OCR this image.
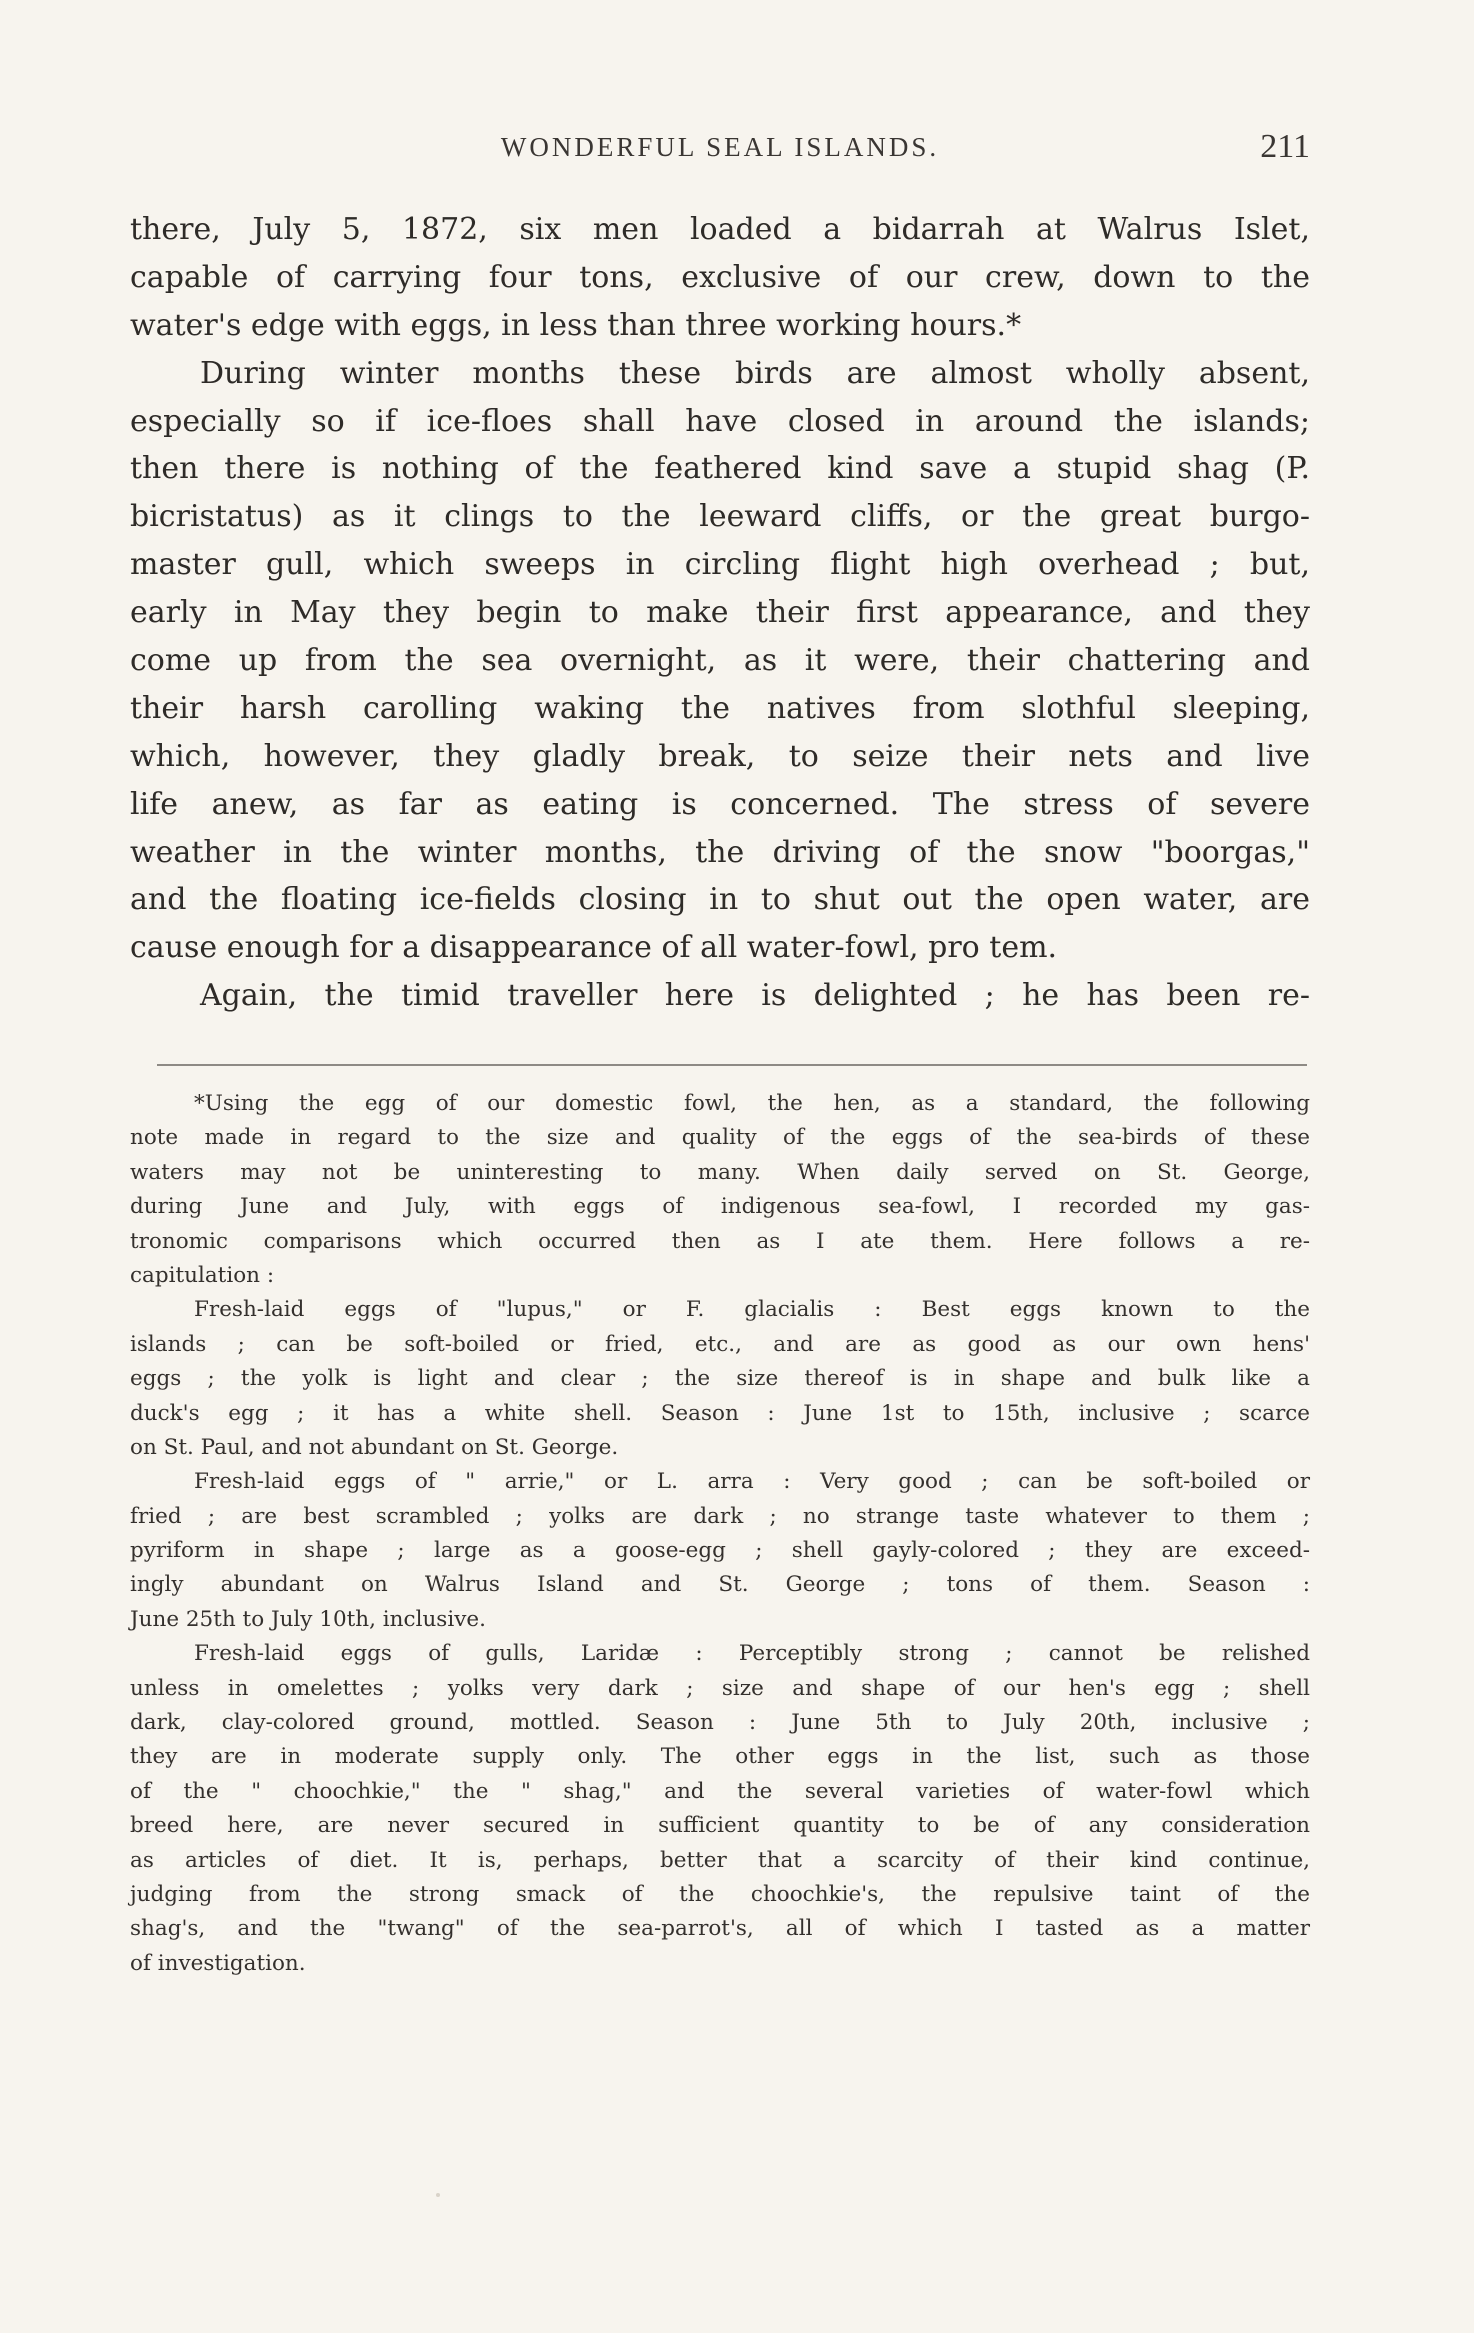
WONDERFUL SEAL ISLANDS.	211
there, July 5, 1872, six men loaded a bidarrah at Walrus Islet,
capable of carrying four tons, exclusive of our crew, down to the
water's edge with eggs, in less than three working hours.*
During winter months these birds are almost wholly absent,
especially so if ice-floes shall have closed in around the islands;
then there is nothing of the feathered kind save a stupid shag (P.
bicristatus) as it clings to the leeward cliffs, or the great burgo-
master gull, which sweeps in circling flight high overhead ; but,
early in May they begin to make their first appearance, and they
come up from the sea overnight, as it were, their chattering and
their harsh carolling waking the natives from slothful sleeping,
which, however, they gladly break, to seize their nets and live
life anew, as far as eating is concerned. The stress of severe
weather in the winter months, the driving of the snow "boorgas,"
and the floating ice-fields closing in to shut out the open water, are
cause enough for a disappearance of all water-fowl, pro tem.
Again, the timid traveller here is delighted ; he has been re-
*Using the egg of our domestic fowl, the hen, as a standard, the following
note made in regard to the size and quality of the eggs of the sea-birds of these
waters may not be uninteresting to many. When daily served on St. George,
during June and July, with eggs of indigenous sea-fowl, I recorded my gas-
tronomic comparisons which occurred then as I ate them. Here follows a re-
capitulation :
Fresh-laid eggs of "lupus," or F. glacialis : Best eggs known to the
islands ; can be soft-boiled or fried, etc., and are as good as our own hens'
eggs ; the yolk is light and clear ; the size thereof is in shape and bulk like a
duck's egg ; it has a white shell. Season : June 1st to 15th, inclusive ; scarce
on St. Paul, and not abundant on St. George.
Fresh-laid eggs of " arrie," or L. arra : Very good ; can be soft-boiled or
fried ; are best scrambled ; yolks are dark ; no strange taste whatever to them ;
pyriform in shape ; large as a goose-egg ; shell gayly-colored ; they are exceed-
ingly abundant on Walrus Island and St. George ; tons of them. Season :
June 25th to July 10th, inclusive.
Fresh-laid eggs of gulls, Laridæ : Perceptibly strong ; cannot be relished
unless in omelettes ; yolks very dark ; size and shape of our hen's egg ; shell
dark, clay-colored ground, mottled. Season : June 5th to July 20th, inclusive ;
they are in moderate supply only. The other eggs in the list, such as those
of the " choochkie," the " shag," and the several varieties of water-fowl which
breed here, are never secured in sufficient quantity to be of any consideration
as articles of diet. It is, perhaps, better that a scarcity of their kind continue,
judging from the strong smack of the choochkie's, the repulsive taint of the
shag's, and the "twang" of the sea-parrot's, all of which I tasted as a matter
of investigation.
